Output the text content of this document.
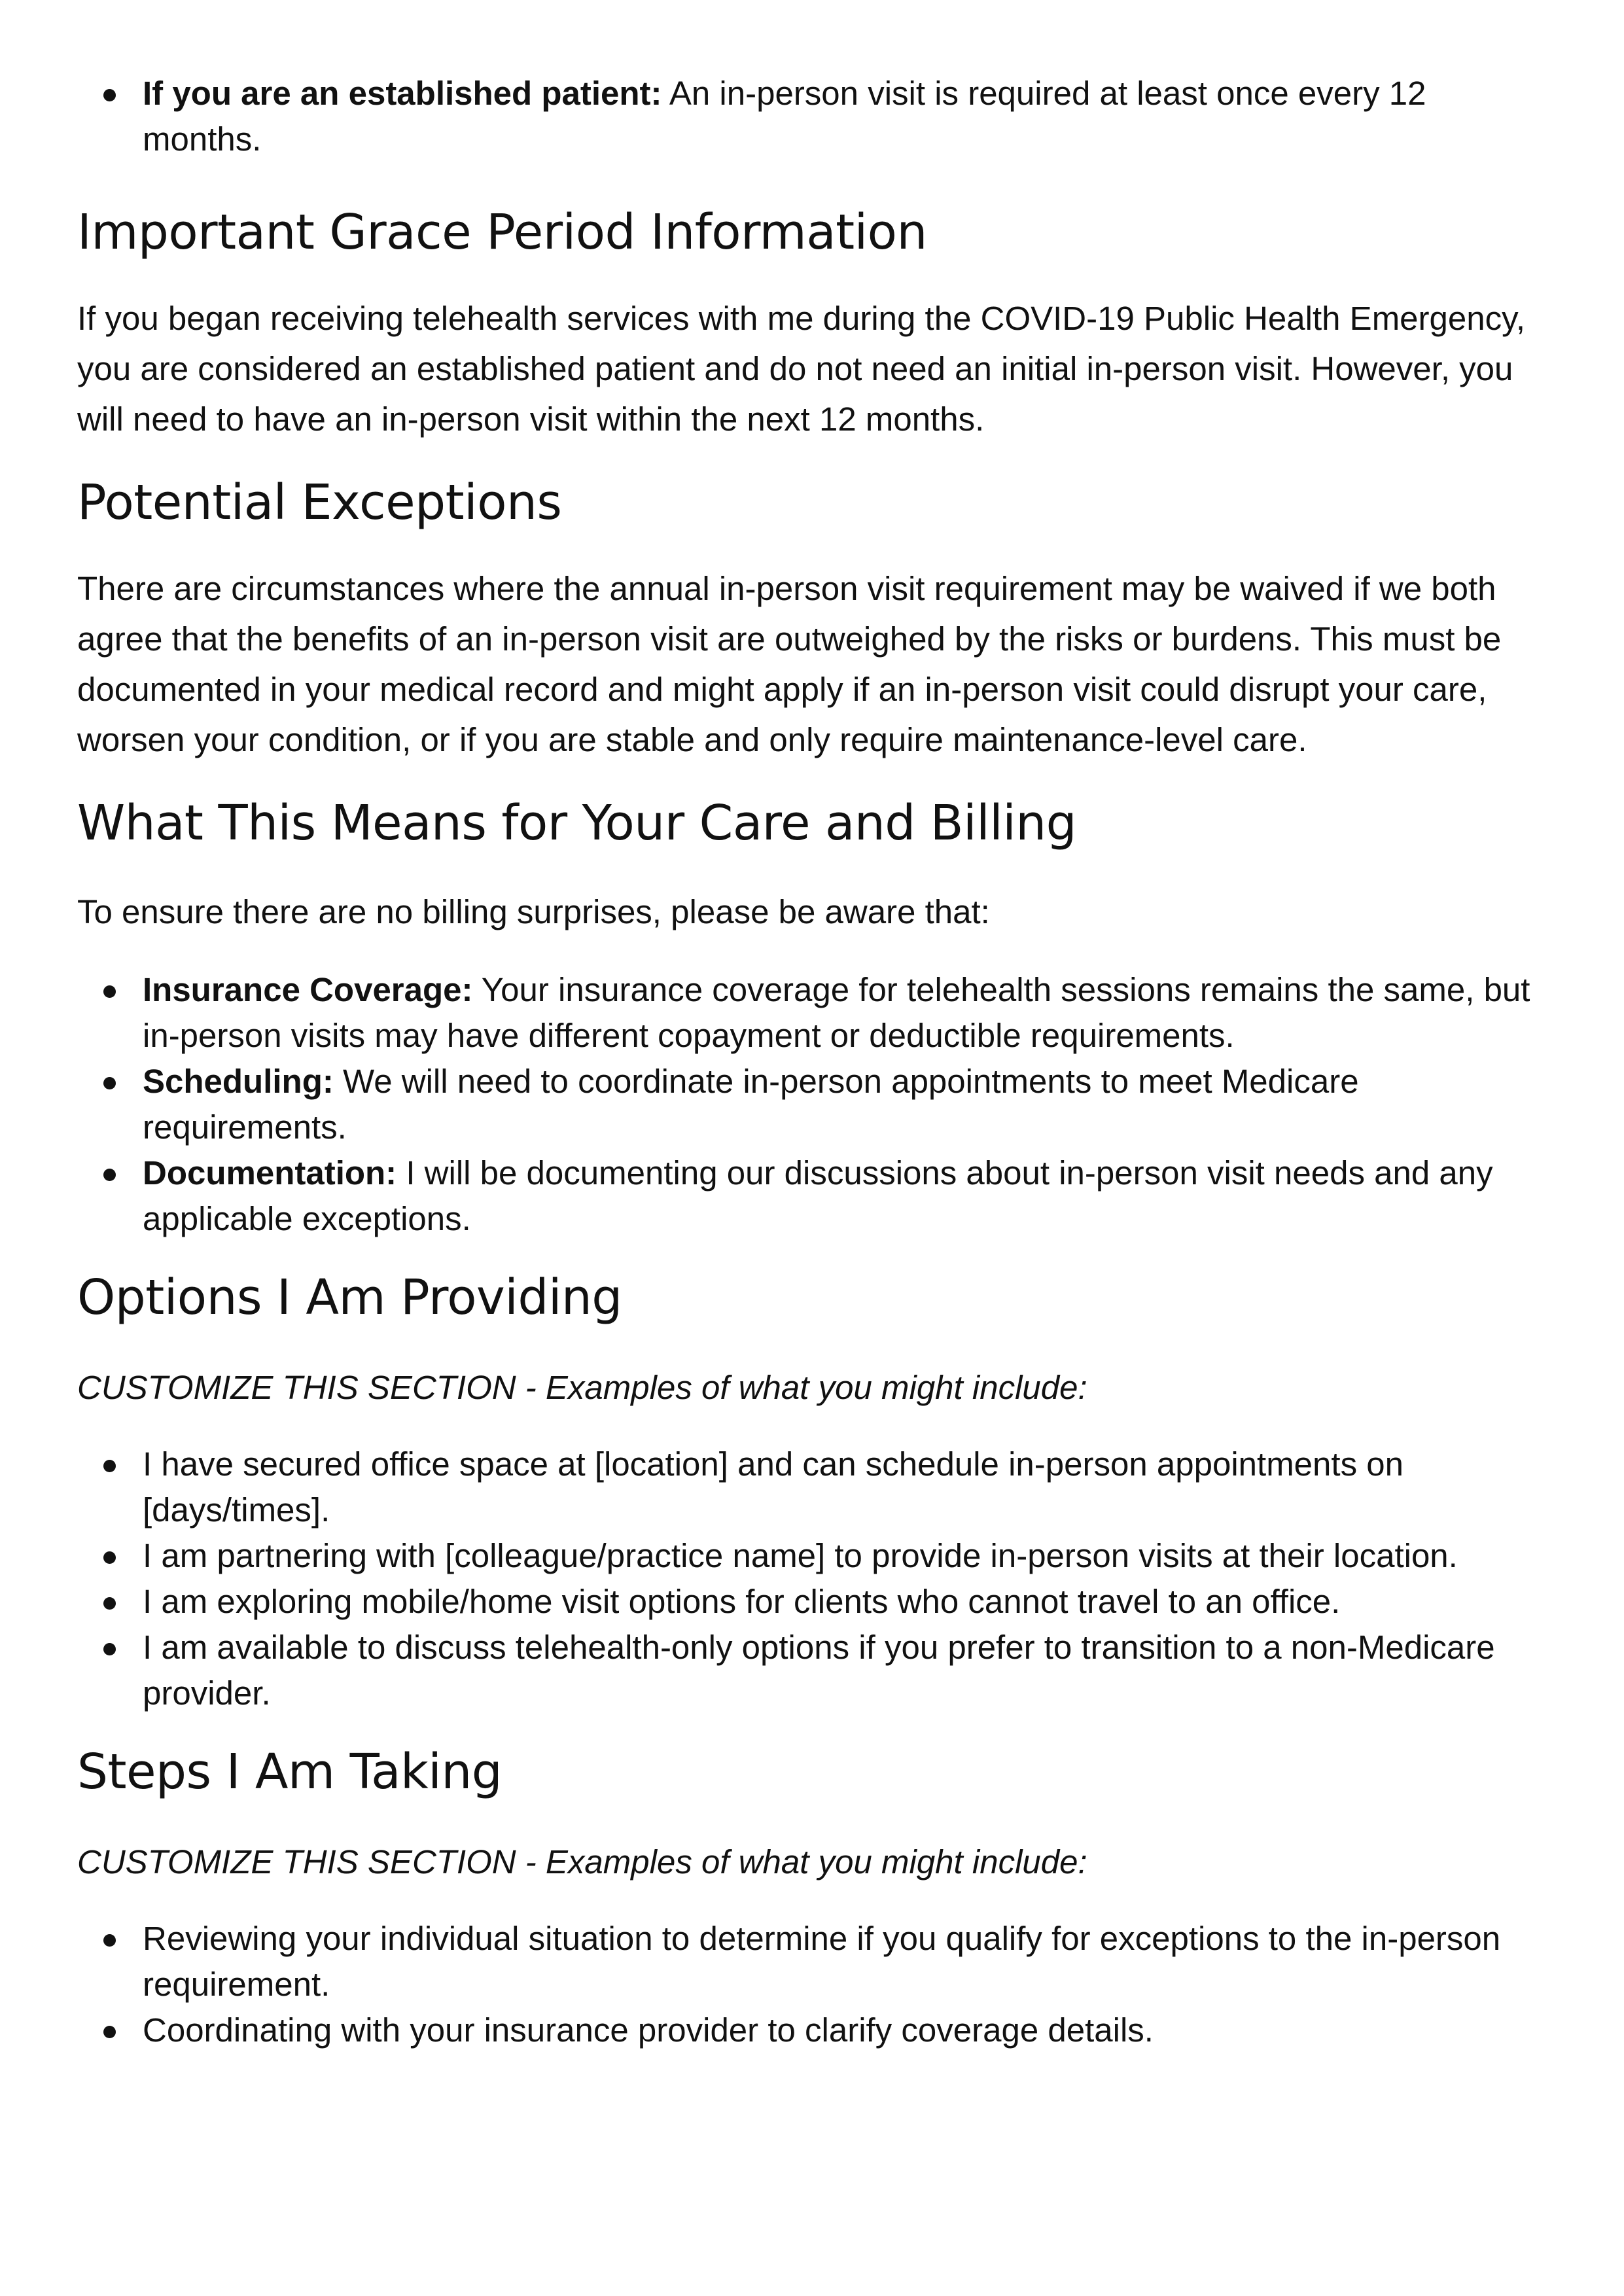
If you are an established patient: An in-person visit is required at least once every 12 months.
Important Grace Period Information

If you began receiving telehealth services with me during the COVID-19 Public Health Emergency, you are considered an established patient and do not need an initial in-person visit. However, you will need to have an in-person visit within the next 12 months.

Potential Exceptions

There are circumstances where the annual in-person visit requirement may be waived if we both agree that the benefits of an in-person visit are outweighed by the risks or burdens. This must be documented in your medical record and might apply if an in-person visit could disrupt your care, worsen your condition, or if you are stable and only require maintenance-level care.

What This Means for Your Care and Billing

To ensure there are no billing surprises, please be aware that:

Insurance Coverage: Your insurance coverage for telehealth sessions remains the same, but in-person visits may have different copayment or deductible requirements.
Scheduling: We will need to coordinate in-person appointments to meet Medicare requirements.
Documentation: I will be documenting our discussions about in-person visit needs and any applicable exceptions.
Options I Am Providing

CUSTOMIZE THIS SECTION - Examples of what you might include:

I have secured office space at [location] and can schedule in-person appointments on [days/times].
I am partnering with [colleague/practice name] to provide in-person visits at their location.
I am exploring mobile/home visit options for clients who cannot travel to an office.
I am available to discuss telehealth-only options if you prefer to transition to a non-Medicare provider.
Steps I Am Taking

CUSTOMIZE THIS SECTION - Examples of what you might include:

Reviewing your individual situation to determine if you qualify for exceptions to the in-person requirement.
Coordinating with your insurance provider to clarify coverage details.
